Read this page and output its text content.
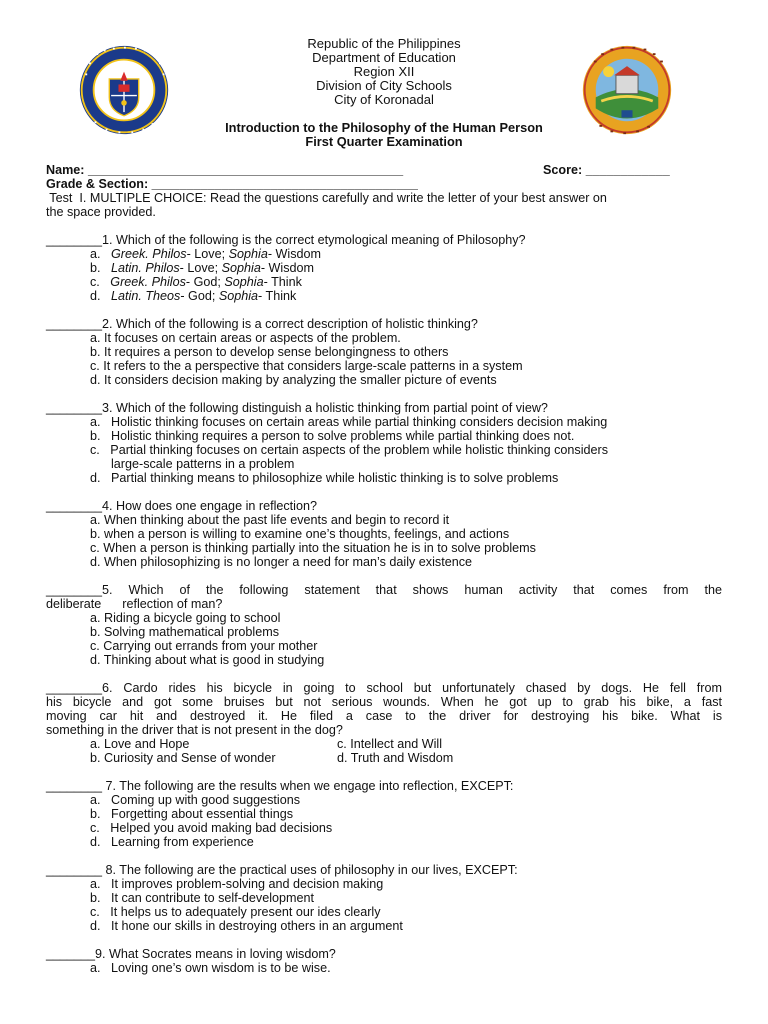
Republic of the Philippines
Department of Education
Region XII
Division of City Schools
City of Koronadal
Introduction to the Philosophy of the Human Person
First Quarter Examination
Name: _____________________________________________	Score: ____________
Grade & Section: ______________________________________
Test  I. MULTIPLE CHOICE: Read the questions carefully and write the letter of your best answer on
the space provided.
________1. Which of the following is the correct etymological meaning of Philosophy?
a. Greek. Philos- Love; Sophia- Wisdom
b. Latin. Philos- Love; Sophia- Wisdom
c. Greek. Philos- God; Sophia- Think
d. Latin. Theos- God; Sophia- Think
________2. Which of the following is a correct description of holistic thinking?
a. It focuses on certain areas or aspects of the problem.
b. It requires a person to develop sense belongingness to others
c. It refers to the a perspective that considers large-scale patterns in a system
d. It considers decision making by analyzing the smaller picture of events
________3. Which of the following distinguish a holistic thinking from partial point of view?
a.   Holistic thinking focuses on certain areas while partial thinking considers decision making
b.   Holistic thinking requires a person to solve problems while partial thinking does not.
c.   Partial thinking focuses on certain aspects of the problem while holistic thinking considers
large-scale patterns in a problem
d.   Partial thinking means to philosophize while holistic thinking is to solve problems
________4. How does one engage in reflection?
a. When thinking about the past life events and begin to record it
b. when a person is willing to examine one’s thoughts, feelings, and actions
c. When a person is thinking partially into the situation he is in to solve problems
d. When philosophizing is no longer a need for man’s daily existence
________5. Which of the following statement that shows human activity that comes from the
deliberate      reflection of man?
a. Riding a bicycle going to school
b. Solving mathematical problems
c. Carrying out errands from your mother
d. Thinking about what is good in studying
________6. Cardo rides his bicycle in going to school but unfortunately chased by dogs. He fell from
his bicycle and got some bruises but not serious wounds. When he got up to grab his bike, a fast
moving car hit and destroyed it. He filed a case to the driver for destroying his bike. What is
something in the driver that is not present in the dog?
a. Love and Hope	c. Intellect and Will
b. Curiosity and Sense of wonder	d. Truth and Wisdom
________ 7. The following are the results when we engage into reflection, EXCEPT:
a.   Coming up with good suggestions
b.   Forgetting about essential things
c.   Helped you avoid making bad decisions
d.   Learning from experience
________ 8. The following are the practical uses of philosophy in our lives, EXCEPT:
a.   It improves problem-solving and decision making
b.   It can contribute to self-development
c.   It helps us to adequately present our ides clearly
d.   It hone our skills in destroying others in an argument
_______9. What Socrates means in loving wisdom?
a.   Loving one’s own wisdom is to be wise.
